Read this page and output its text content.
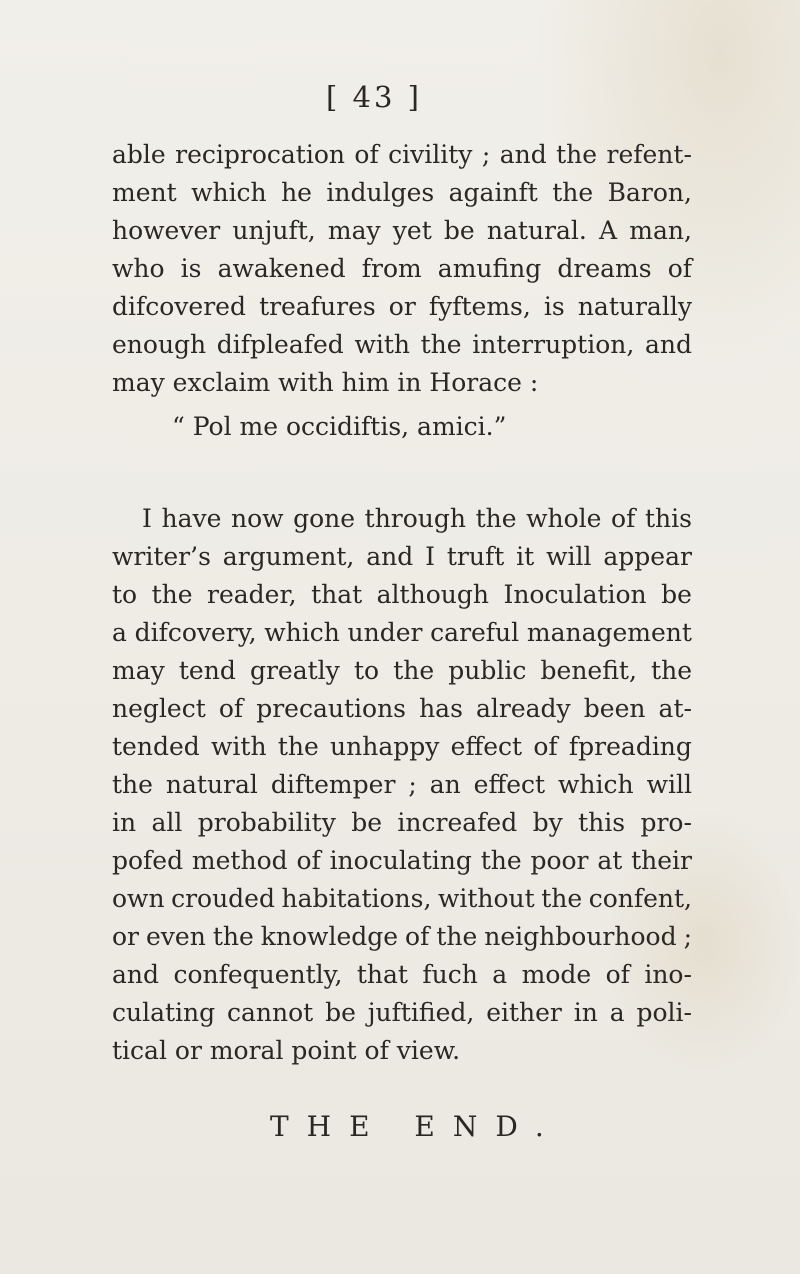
[ 43 ]
able reciprocation of civility ; and the refent-
ment which he indulges againft the Baron,
however unjuft, may yet be natural. A man,
who is awakened from amufing dreams of
difcovered treafures or fyftems, is naturally
enough difpleafed with the interruption, and
may exclaim with him in Horace :
“ Pol me occidiftis, amici.”
I have now gone through the whole of this
writer’s argument, and I truft it will appear
to the reader, that although Inoculation be
a difcovery, which under careful management
may tend greatly to the public benefit, the
neglect of precautions has already been at-
tended with the unhappy effect of fpreading
the natural diftemper ; an effect which will
in all probability be increafed by this pro-
pofed method of inoculating the poor at their
own crouded habitations, without the confent,
or even the knowledge of the neighbourhood ;
and confequently, that fuch a mode of ino-
culating cannot be juftified, either in a poli-
tical or moral point of view.
THE END.
